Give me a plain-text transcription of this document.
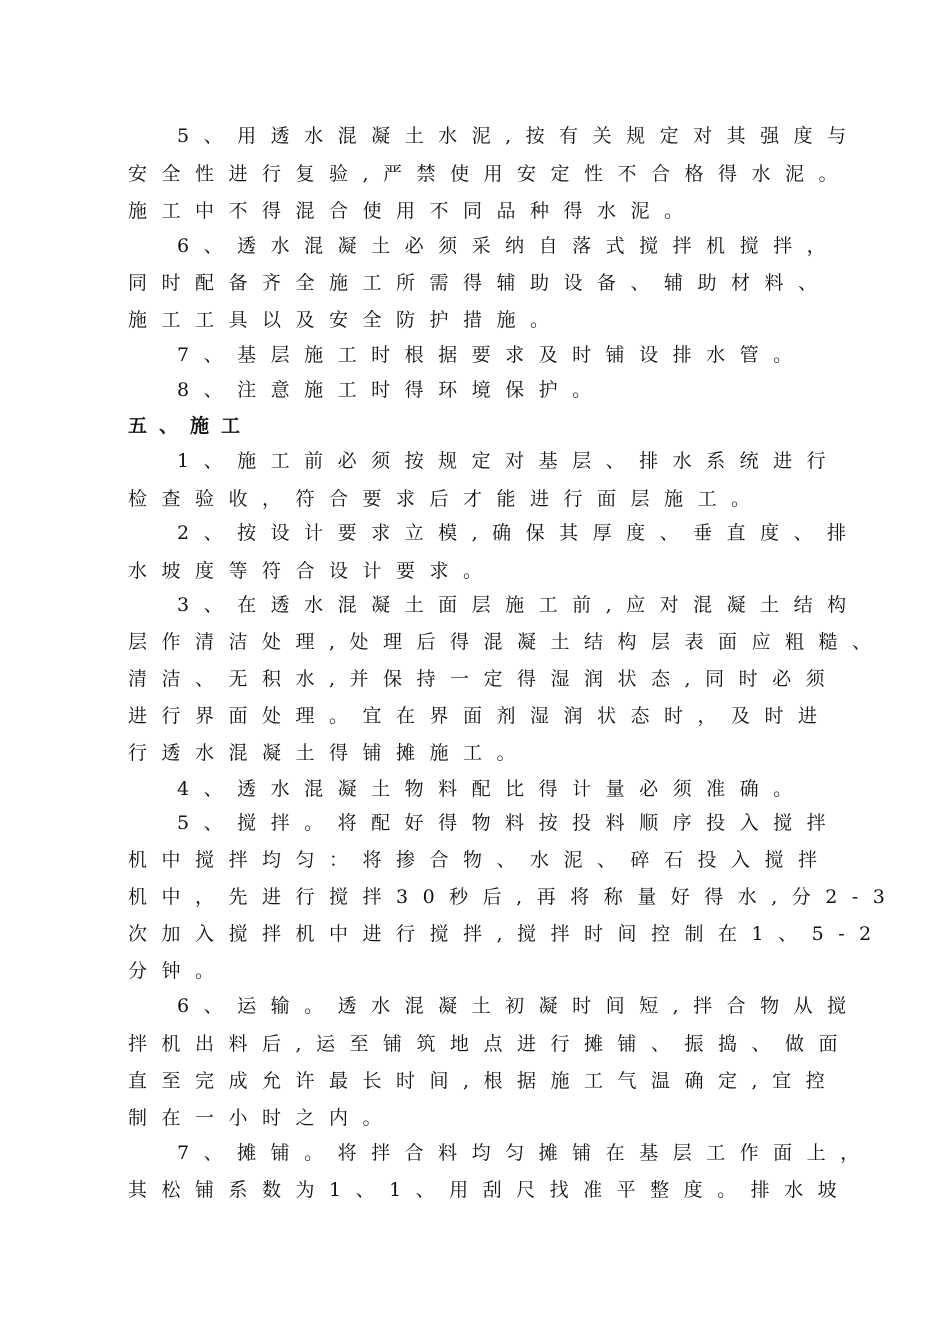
5、用透水混凝土水泥,按有关规定对其强度与
安全性进行复验,严禁使用安定性不合格得水泥。
施工中不得混合使用不同品种得水泥。
6、透水混凝土必须采纳自落式搅拌机搅拌，
同时配备齐全施工所需得辅助设备、辅助材料、
施工工具以及安全防护措施。
7、基层施工时根据要求及时铺设排水管。
8、注意施工时得环境保护。
五、施工
1、施工前必须按规定对基层、排水系统进行
检查验收，符合要求后才能进行面层施工。
2、按设计要求立模,确保其厚度、垂直度、排
水坡度等符合设计要求。
3、在透水混凝土面层施工前,应对混凝土结构
层作清洁处理,处理后得混凝土结构层表面应粗糙、
清洁、无积水,并保持一定得湿润状态,同时必须
进行界面处理。宜在界面剂湿润状态时，及时进
行透水混凝土得铺摊施工。
4、透水混凝土物料配比得计量必须准确。
5、搅拌。将配好得物料按投料顺序投入搅拌
机中搅拌均匀：将掺合物、水泥、碎石投入搅拌
机中，先进行搅拌30秒后,再将称量好得水,分2-3
次加入搅拌机中进行搅拌,搅拌时间控制在1、5-2
分钟。
6、运输。透水混凝土初凝时间短,拌合物从搅
拌机出料后,运至铺筑地点进行摊铺、振捣、做面
直至完成允许最长时间,根据施工气温确定,宜控
制在一小时之内。
7、摊铺。将拌合料均匀摊铺在基层工作面上，
其松铺系数为1、1、用刮尺找准平整度。排水坡
